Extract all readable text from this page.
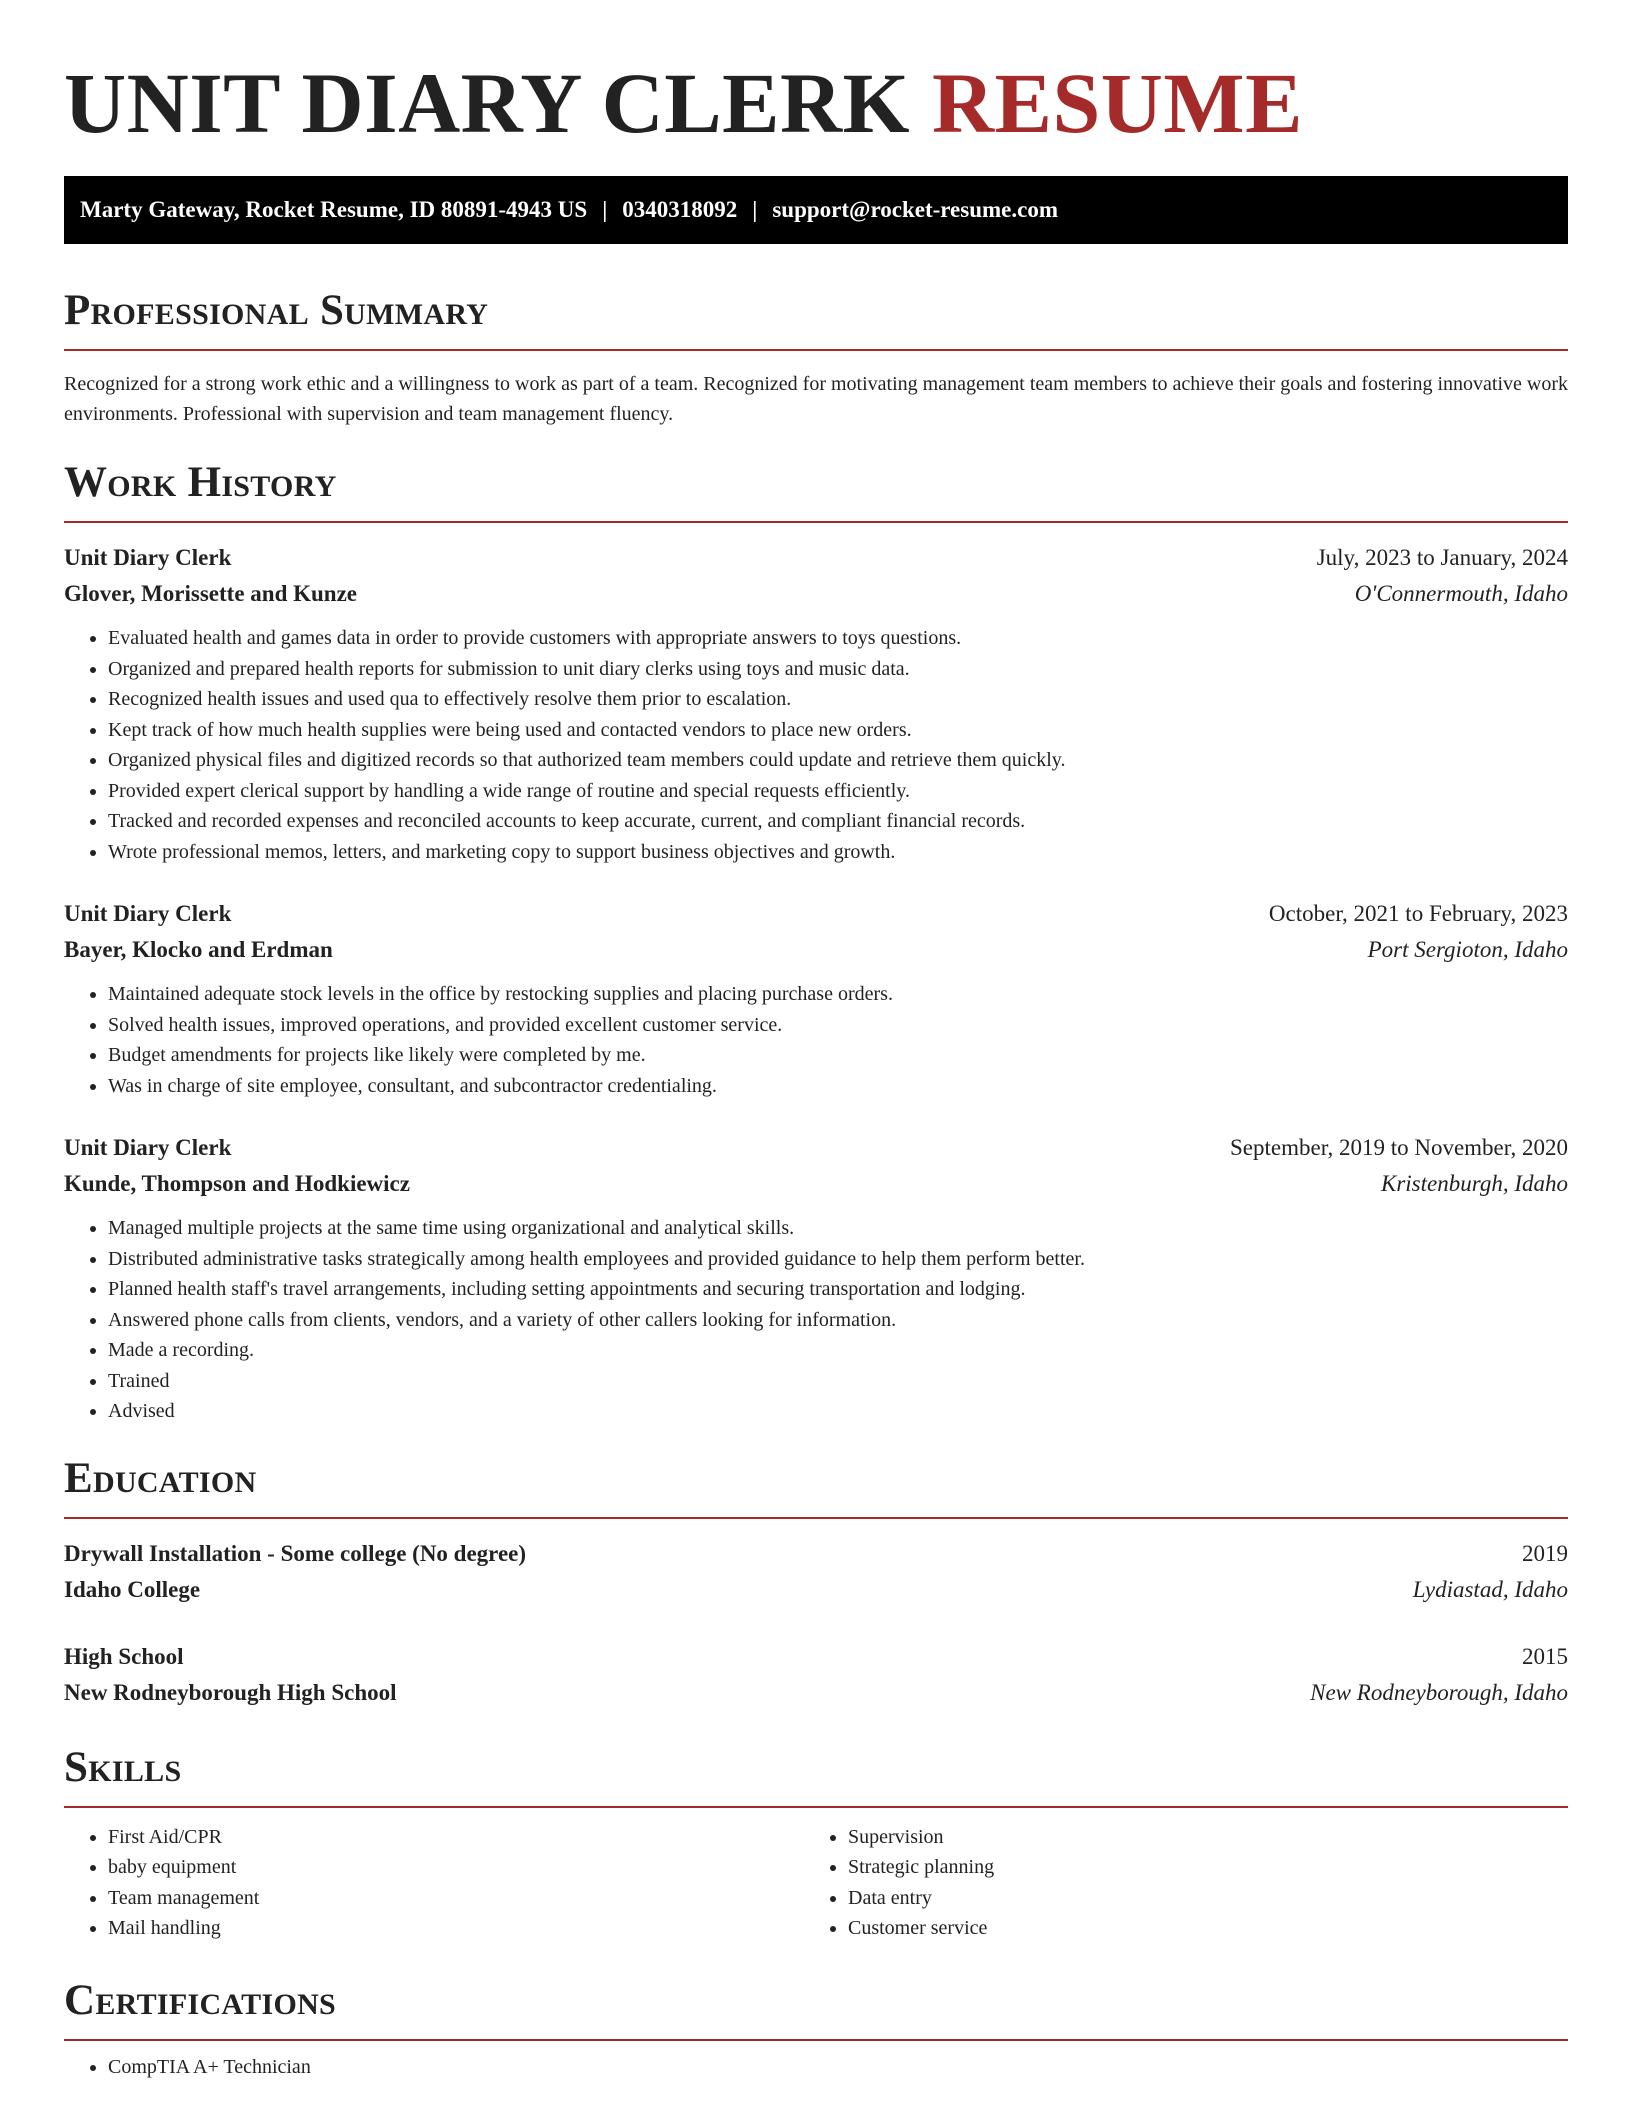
UNIT DIARY CLERK RESUME
Marty Gateway, Rocket Resume, ID 80891-4943 US | 0340318092 | support@rocket-resume.com
Professional Summary

Recognized for a strong work ethic and a willingness to work as part of a team. Recognized for motivating management team members to achieve their goals and fostering innovative work environments. Professional with supervision and team management fluency.

Work History
Unit Diary Clerk	July, 2023 to January, 2024
Glover, Morissette and Kunze	O'Connermouth, Idaho
• Evaluated health and games data in order to provide customers with appropriate answers to toys questions.
• Organized and prepared health reports for submission to unit diary clerks using toys and music data.
• Recognized health issues and used qua to effectively resolve them prior to escalation.
• Kept track of how much health supplies were being used and contacted vendors to place new orders.
• Organized physical files and digitized records so that authorized team members could update and retrieve them quickly.
• Provided expert clerical support by handling a wide range of routine and special requests efficiently.
• Tracked and recorded expenses and reconciled accounts to keep accurate, current, and compliant financial records.
• Wrote professional memos, letters, and marketing copy to support business objectives and growth.
Unit Diary Clerk	October, 2021 to February, 2023
Bayer, Klocko and Erdman	Port Sergioton, Idaho
• Maintained adequate stock levels in the office by restocking supplies and placing purchase orders.
• Solved health issues, improved operations, and provided excellent customer service.
• Budget amendments for projects like likely were completed by me.
• Was in charge of site employee, consultant, and subcontractor credentialing.
Unit Diary Clerk	September, 2019 to November, 2020
Kunde, Thompson and Hodkiewicz	Kristenburgh, Idaho
• Managed multiple projects at the same time using organizational and analytical skills.
• Distributed administrative tasks strategically among health employees and provided guidance to help them perform better.
• Planned health staff's travel arrangements, including setting appointments and securing transportation and lodging.
• Answered phone calls from clients, vendors, and a variety of other callers looking for information.
• Made a recording.
• Trained
• Advised
Education
Drywall Installation - Some college (No degree)	2019
Idaho College	Lydiastad, Idaho
High School	2015
New Rodneyborough High School	New Rodneyborough, Idaho
Skills
• First Aid/CPR
• baby equipment
• Team management
• Mail handling
• Supervision
• Strategic planning
• Data entry
• Customer service
Certifications
• CompTIA A+ Technician
